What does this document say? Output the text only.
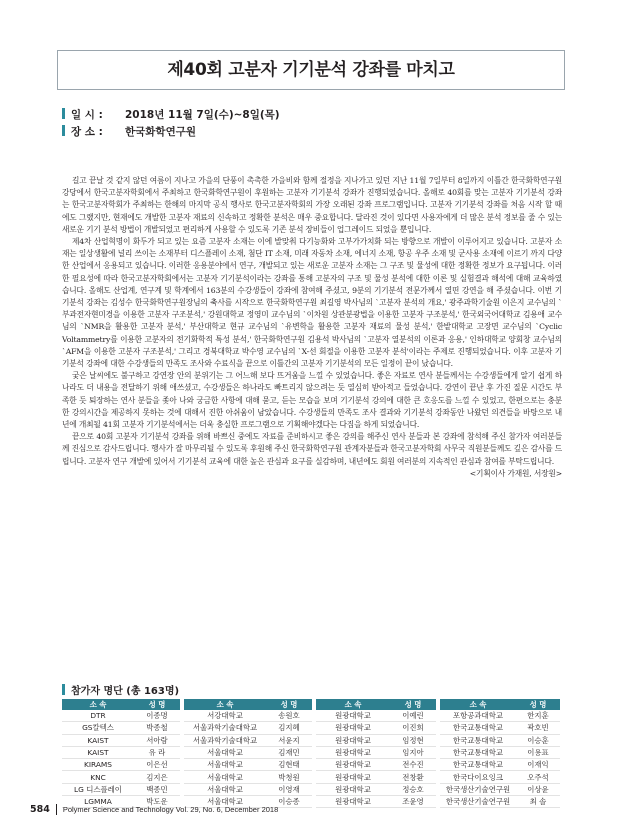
제40회 고분자 기기분석 강좌를 마치고
일 시 : 2018년 11월 7일(수)~8일(목)
장 소 : 한국화학연구원

길고 끝날 것 같지 않던 여름이 지나고 가을의 단풍이 촉촉한 가을비와 함께 절정을 지나가고 있던 지난 11월 7일부터 8일까지 이틀간 한국화학연구원 강당에서 한국고분자학회에서 주최하고 한국화학연구원이 후원하는 고분자 기기분석 강좌가 진행되었습니다. 올해로 40회를 맞는 고분자 기기분석 강좌는 한국고분자학회가 주최하는 한해의 마지막 공식 행사로 한국고분자학회의 가장 오래된 강좌 프로그램입니다. 고분자 기기분석 강좌를 처음 시작 할 때에도 그랬지만, 현재에도 개발한 고분자 재료의 신속하고 정확한 분석은 매우 중요합니다. 달라진 것이 있다면 사용자에게 더 많은 분석 정보를 줄 수 있는 새로운 기기 분석 방법이 개발되었고 편리하게 사용할 수 있도록 기존 분석 장비들이 업그레이드 되었을 뿐입니다.

제4차 산업혁명이 화두가 되고 있는 요즘 고분자 소재는 이에 발맞춰 다기능화와 고부가가치화 되는 방향으로 개발이 이루어지고 있습니다. 고분자 소재는 일상생활에 널리 쓰이는 소재부터 디스플레이 소재, 첨단 IT 소재, 미래 자동차 소재, 에너지 소재, 항공 우주 소재 및 군사용 소재에 이르기 까지 다양한 산업에서 응용되고 있습니다. 이러한 응용분야에서 연구, 개발되고 있는 새로운 고분자 소재는 그 구조 및 물성에 대한 정확한 정보가 요구됩니다. 이러한 필요성에 따라 한국고분자학회에서는 고분자 기기분석이라는 강좌를 통해 고분자의 구조 및 물성 분석에 대한 이론 및 실험결과 해석에 대해 교육하였습니다. 올해도 산업계, 연구계 및 학계에서 163분의 수강생들이 강좌에 참여해 주셨고, 9분의 기기분석 전문가께서 열띤 강연을 해 주셨습니다. 이번 기기분석 강좌는 김성수 한국화학연구원장님의 축사를 시작으로 한국화학연구원 최길영 박사님의 `고분자 분석의 개요,' 광주과학기술원 이은지 교수님의 `부과전자현미경을 이용한 고분자 구조분석,' 강원대학교 정영미 교수님의 `이차원 상관분광법을 이용한 고분자 구조분석,' 한국외국어대학교 김용애 교수님의 `NMR을 활용한 고분자 분석,' 부산대학교 현규 교수님의 `유변학을 활용한 고분자 재료의 물성 분석,' 한밭대학교 고장면 교수님의 `Cyclic Voltammetry를 이용한 고분자의 전기화학적 특성 분석,' 한국화학연구원 김용석 박사님의 `고분자 열분석의 이론과 응용,' 인하대학교 양회창 교수님의 `AFM을 이용한 고분자 구조분석,' 그리고 경북대학교 박수영 교수님의 `X-선 회절을 이용한 고분자 분석'이라는 주제로 진행되었습니다. 이후 고분자 기기분석 강좌에 대한 수강생들의 만족도 조사와 수료식을 끝으로 이틀간의 고분자 기기분석의 모든 일정이 끝이 났습니다.

궂은 날씨에도 불구하고 강연장 안의 분위기는 그 어느해 보다 뜨거움을 느낄 수 있었습니다. 좋은 자료로 연사 분들께서는 수강생들에게 알기 쉽게 하나라도 더 내용을 전달하기 위해 애쓰셨고, 수강생들은 하나라도 빠트리지 않으려는 듯 열심히 받아적고 들었습니다. 강연이 끝난 후 가진 질문 시간도 부족한 듯 퇴장하는 연사 분들을 좇아 나와 궁금한 사항에 대해 묻고, 듣는 모습을 보며 기기분석 강의에 대한 큰 호응도를 느낄 수 있었고, 한편으로는 충분한 강의시간을 제공하지 못하는 것에 대해서 진한 아쉬움이 남았습니다. 수강생들의 만족도 조사 결과와 기기분석 강좌동안 나왔던 의견들을 바탕으로 내년에 개최될 41회 고분자 기기분석에서는 더욱 충실한 프로그램으로 기획해야겠다는 다짐을 하게 되었습니다.

끝으로 40회 고분자 기기분석 강좌를 위해 바쁘신 중에도 자료를 준비하시고 좋은 강의를 해주신 연사 분들과 본 강좌에 참석해 주신 참가자 여러분들께 진심으로 감사드립니다. 행사가 잘 마무리될 수 있도록 후원해 주신 한국화학연구원 관계자분들과 한국고분자학회 사무국 직원분들께도 깊은 감사를 드립니다. 고분자 연구 개발에 있어서 기기분석 교육에 대한 높은 관심과 요구를 실감하며, 내년에도 회원 여러분의 지속적인 관심과 참여를 부탁드립니다.

<기획이사 가재원, 서장원>

참가자 명단 (총 163명)
소 속	성 명		소 속	성 명		소 속	성 명		소 속	성 명
DTR	이종명		서강대학교	송원호		원광대학교	이예린		포항공과대학교	한지훈
GS칼텍스	박종철		서울과학기술대학교	김지혜		원광대학교	이진희		한국교통대학교	곽호빈
KAIST	서아람		서울과학기술대학교	서윤지		원광대학교	임정현		한국교통대학교	이승훈
KAIST	유 라		서울대학교	김재민		원광대학교	임지아		한국교통대학교	이용표
KIRAMS	이은선		서울대학교	김현태		원광대학교	전수진		한국교통대학교	이재익
KNC	김지은		서울대학교	박청원		원광대학교	전창환		한국다이요잉크	오주석
LG 디스플레이	백종민		서울대학교	이영재		원광대학교	정승호		한국생산기술연구원	이상윤
LGMMA	박도운		서울대학교	이승종		원광대학교	조윤영		한국생산기술연구원	최 솔
584 Polymer Science and Technology Vol. 29, No. 6, December 2018
